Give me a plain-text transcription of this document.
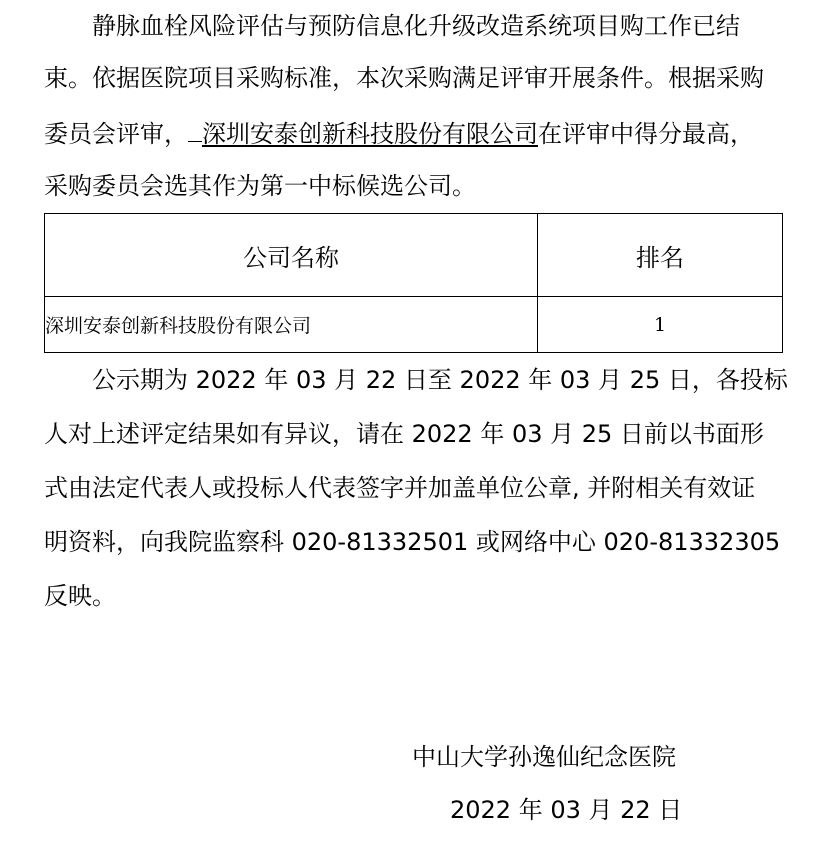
静脉血栓风险评估与预防信息化升级改造系统项目购工作已结
束。依据医院项目采购标准，本次采购满足评审开展条件。根据采购
委员会评审， 深圳安泰创新科技股份有限公司在评审中得分最高，
采购委员会选其作为第一中标候选公司。
公司名称	排名
深圳安泰创新科技股份有限公司	1
公示期为 2022 年 03 月 22 日至 2022 年 03 月 25 日，各投标
人对上述评定结果如有异议，请在 2022 年 03 月 25 日前以书面形
式由法定代表人或投标人代表签字并加盖单位公章, 并附相关有效证
明资料，向我院监察科 020-81332501 或网络中心 020-81332305
反映。
中山大学孙逸仙纪念医院
2022 年 03 月 22 日
